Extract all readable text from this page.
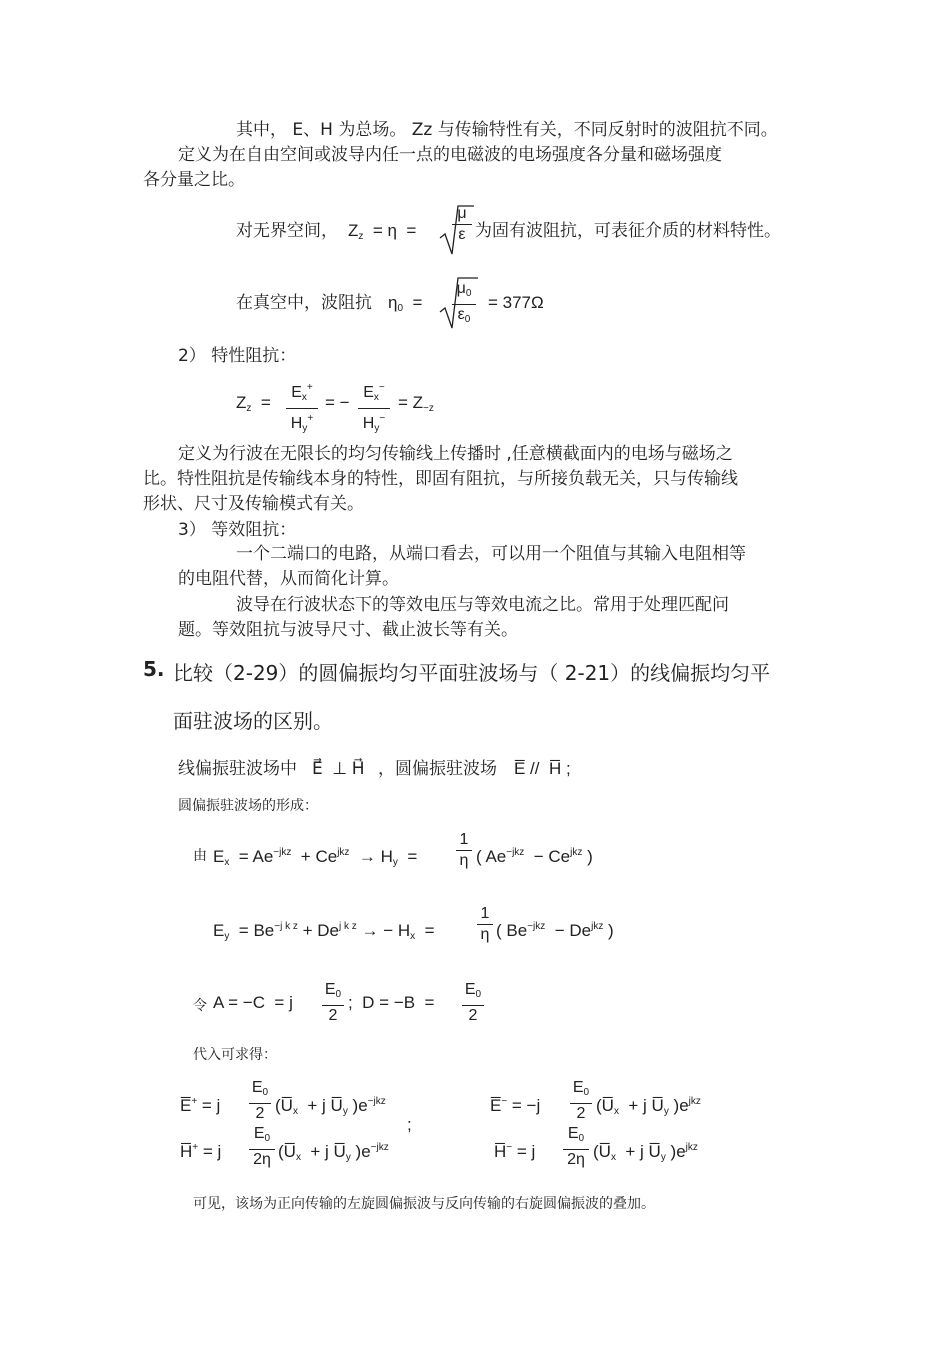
其中， E、H 为总场。 Zz 与传输特性有关，不同反射时的波阻抗不同。
定义为在自由空间或波导内任一点的电磁波的电场强度各分量和磁场强度
各分量之比。
对无界空间， $Z_z = \eta = \frac{\mu}{\varepsilon}$ 为固有波阻抗，可表征介质的材料特性。
在真空中，波阻抗 $\eta_0 = \frac{\mu_0}{\varepsilon_0} = 377\Omega$
2） 特性阻抗：
$Z_z = \frac{E_x^+}{H_y^+}$ = − $\frac{E_x^-}{H_y^-} = Z_{-z}$
定义为行波在无限长的均匀传输线上传播时 ,任意横截面内的电场与磁场之
比。特性阻抗是传输线本身的特性，即固有阻抗，与所接负载无关，只与传输线
形状、尺寸及传输模式有关。
3） 等效阻抗：
一个二端口的电路，从端口看去，可以用一个阻值与其输入电阻相等
的电阻代替，从而简化计算。
波导在行波状态下的等效电压与等效电流之比。常用于处理匹配问
题。等效阻抗与波导尺寸、截止波长等有关。
5. 比较（2-29）的圆偏振均匀平面驻波场与（ 2-21）的线偏振均匀平
面驻波场的区别。
线偏振驻波场中 E⃗  ⊥ H⃗ ，圆偏振驻波场 E̅ //  H̅ ;
圆偏振驻波场的形成：
由 $E_x = Ae^{-jkz} + Ce^{jkz} \to H_y = \frac{1}{\eta}$ ( $Ae^{-jkz} - Ce^{jkz}$ )
$E_y = Be^{-j k z} + De^{j k z}$ → − $H_x$  =	$\frac{1}{\eta}$ ( $Be^{-jkz} - De^{jkz}$ )
令 A = −C  = j $\frac{E_0}{2}$ ;  $D = -B = \frac{E_0}{2}$
代入可求得：
E̅+ = j $\frac{E_0}{2}$ ($U̅_x + j$ $U̅_y$ )$e^{-jkz}$
H̅+ = j $\frac{E_0}{2\eta}$ ($U̅_x + j$ $U̅_y$ )$e^{-jkz}$
;
E̅− = $-j \frac{E_0}{2}$ ($U̅_x + j$ $U̅_y$ )$e^{jkz}$
H̅− = j $\frac{E_0}{2\eta}$ ($U̅_x + j$ $U̅_y$ )$e^{jkz}$
可见，该场为正向传输的左旋圆偏振波与反向传输的右旋圆偏振波的叠加。
